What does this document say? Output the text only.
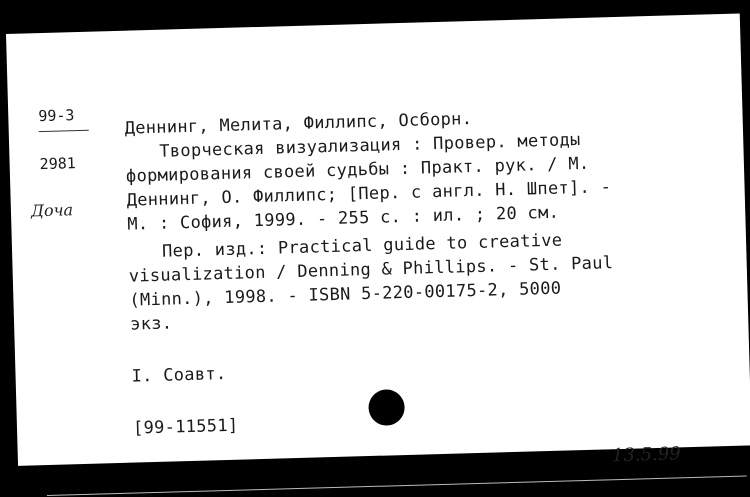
99-3
2981
Доча
Деннинг, Мелита, Филлипс, Осборн.
Творческая визуализация : Провер. методы
формирования своей судьбы : Практ. рук. / М.
Деннинг, О. Филлипс; [Пер. с англ. Н. Шпет]. -
М. : София, 1999. - 255 с. : ил. ; 20 см.
Пер. изд.: Practical guide to creative
visualization / Denning & Phillips. - St. Paul
(Minn.), 1998. - ISBN 5-220-00175-2, 5000
экз.
I. Соавт.
[99-11551]
13.5.99
